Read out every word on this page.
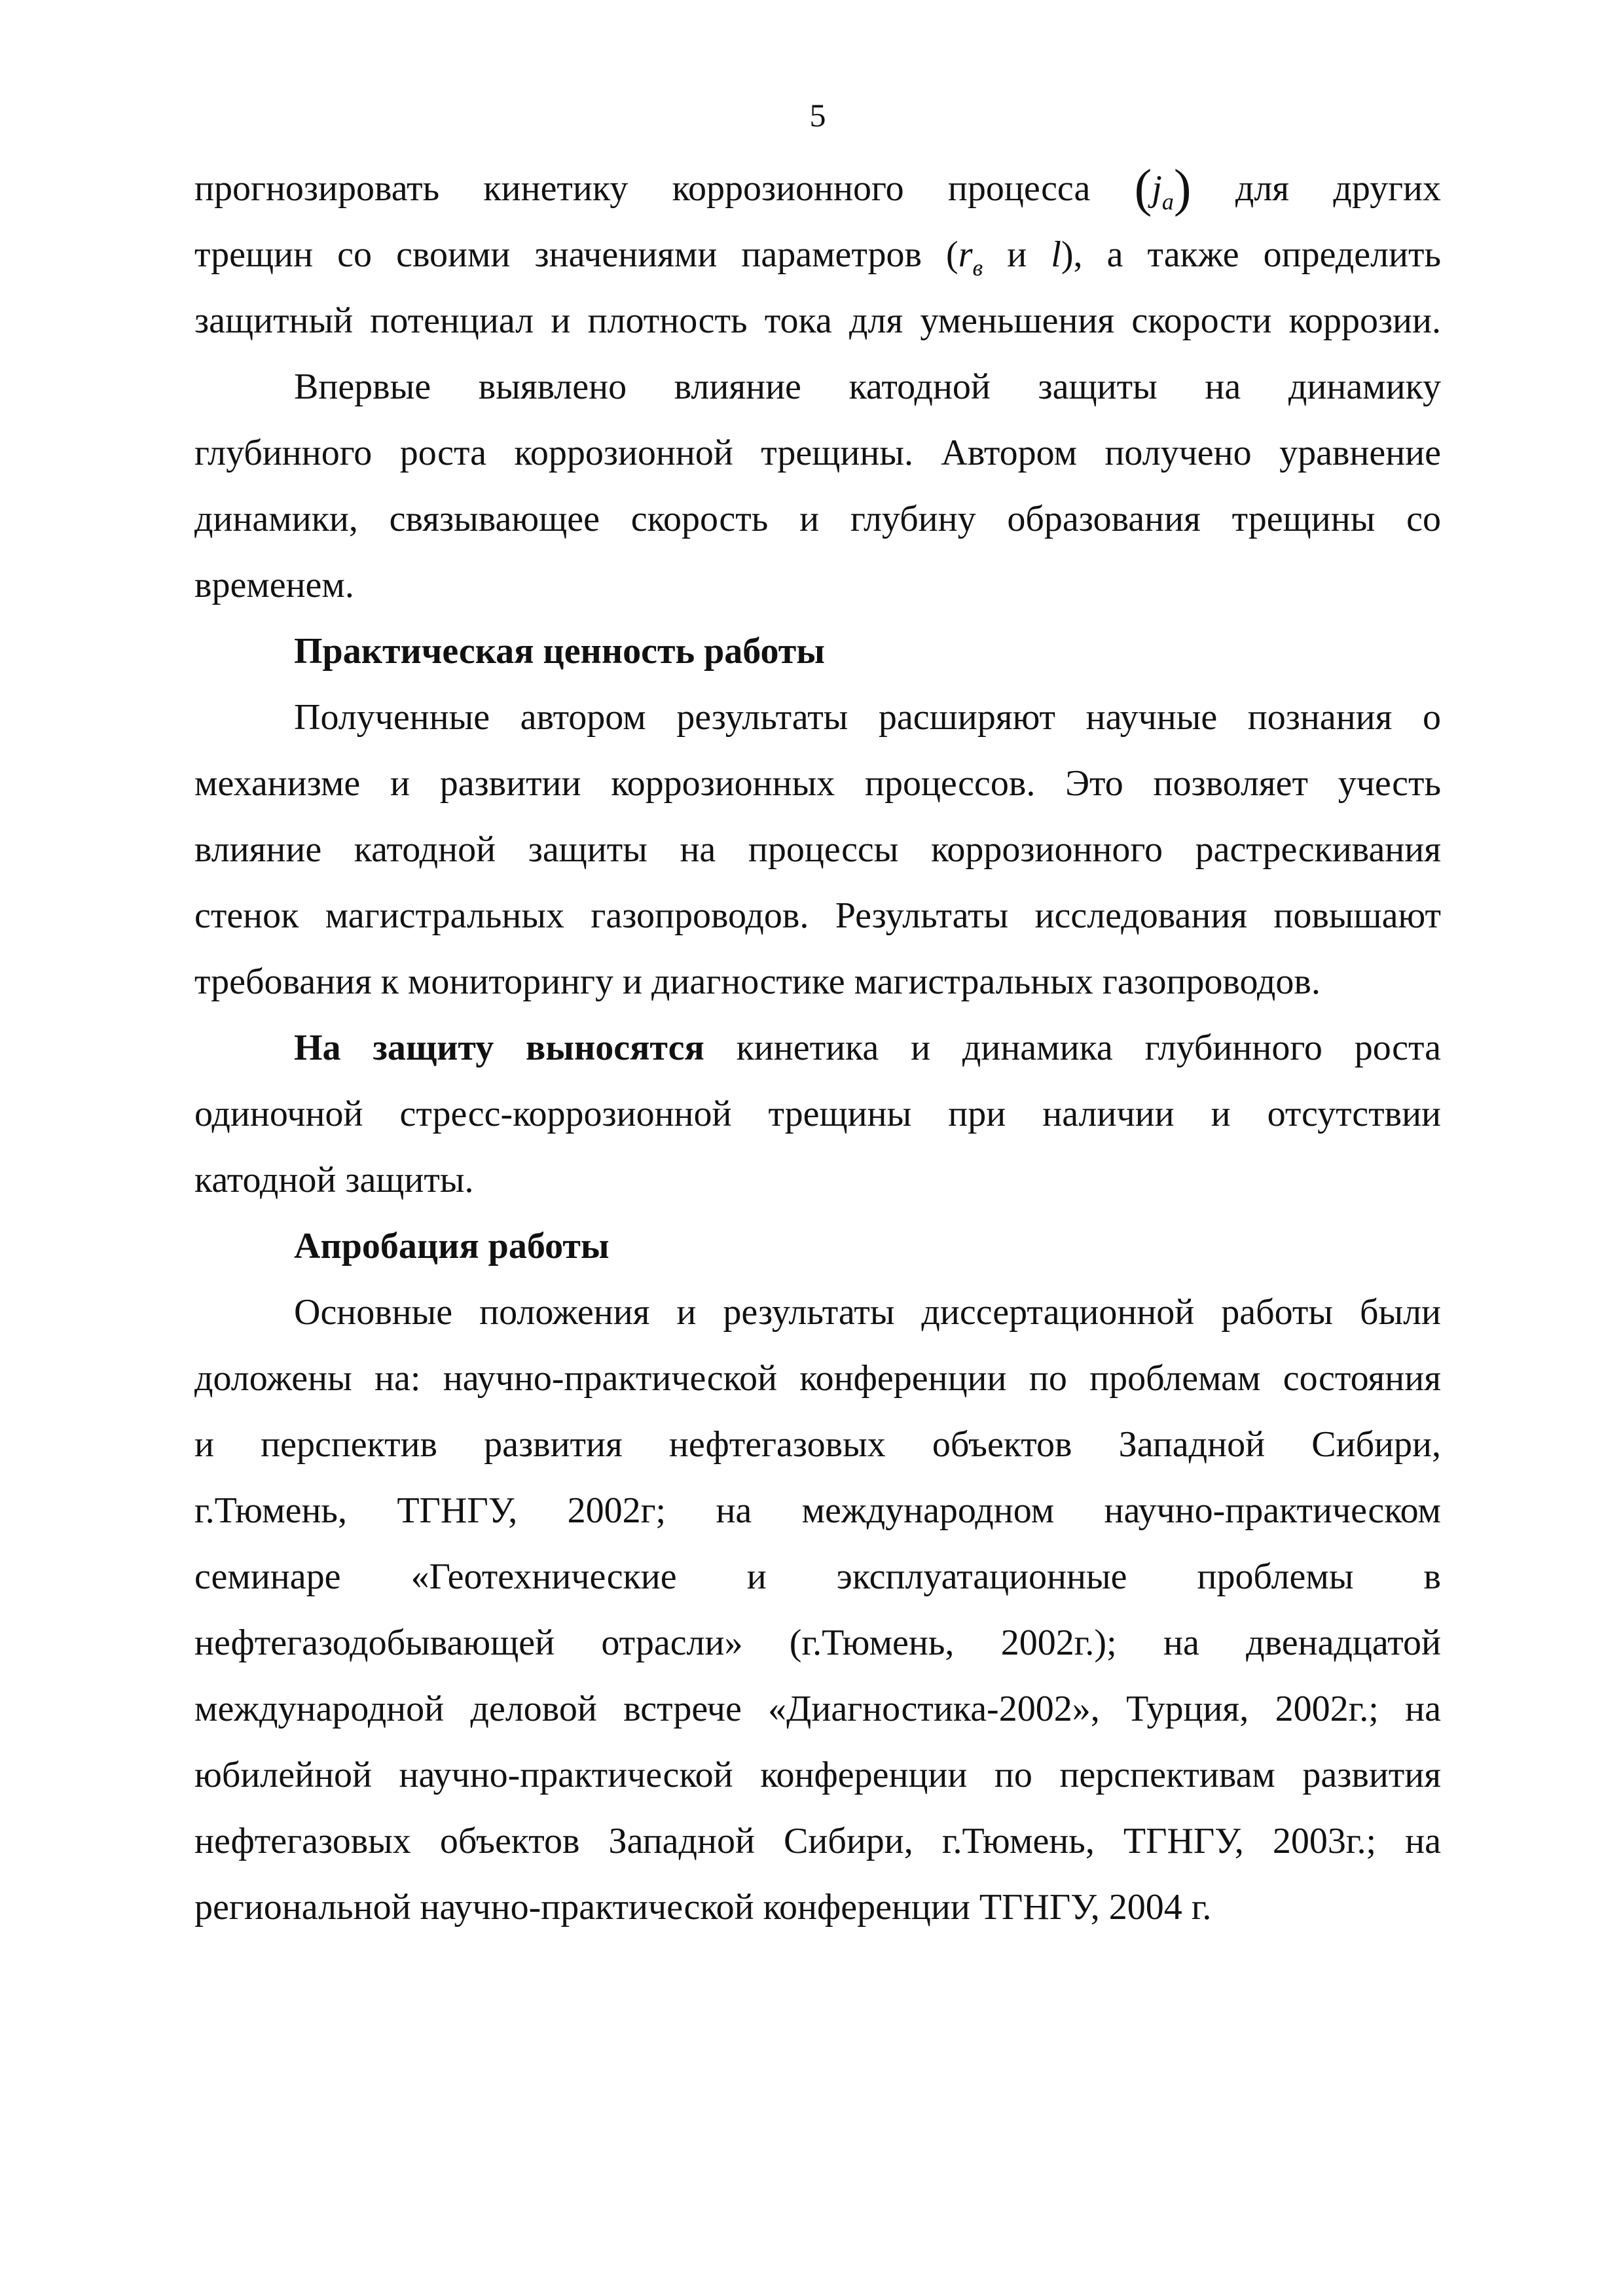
5
прогнозировать кинетику коррозионного процесса $(j_a)$ для других
трещин со своими значениями параметров ($r_в$ и l), а также определить
защитный потенциал и плотность тока для уменьшения скорости коррозии.
Впервые выявлено влияние катодной защиты на динамику
глубинного роста коррозионной трещины. Автором получено уравнение
динамики, связывающее скорость и глубину образования трещины со
временем.
Практическая ценность работы
Полученные автором результаты расширяют научные познания о
механизме и развитии коррозионных процессов. Это позволяет учесть
влияние катодной защиты на процессы коррозионного растрескивания
стенок магистральных газопроводов. Результаты исследования повышают
требования к мониторингу и диагностике магистральных газопроводов.
На защиту выносятся кинетика и динамика глубинного роста
одиночной стресс-коррозионной трещины при наличии и отсутствии
катодной защиты.
Апробация работы
Основные положения и результаты диссертационной работы были
доложены на: научно-практической конференции по проблемам состояния
и перспектив развития нефтегазовых объектов Западной Сибири,
г.Тюмень, ТГНГУ, 2002г; на международном научно-практическом
семинаре «Геотехнические и эксплуатационные проблемы в
нефтегазодобывающей отрасли» (г.Тюмень, 2002г.); на двенадцатой
международной деловой встрече «Диагностика-2002», Турция, 2002г.; на
юбилейной научно-практической конференции по перспективам развития
нефтегазовых объектов Западной Сибири, г.Тюмень, ТГНГУ, 2003г.; на
региональной научно-практической конференции ТГНГУ, 2004 г.
